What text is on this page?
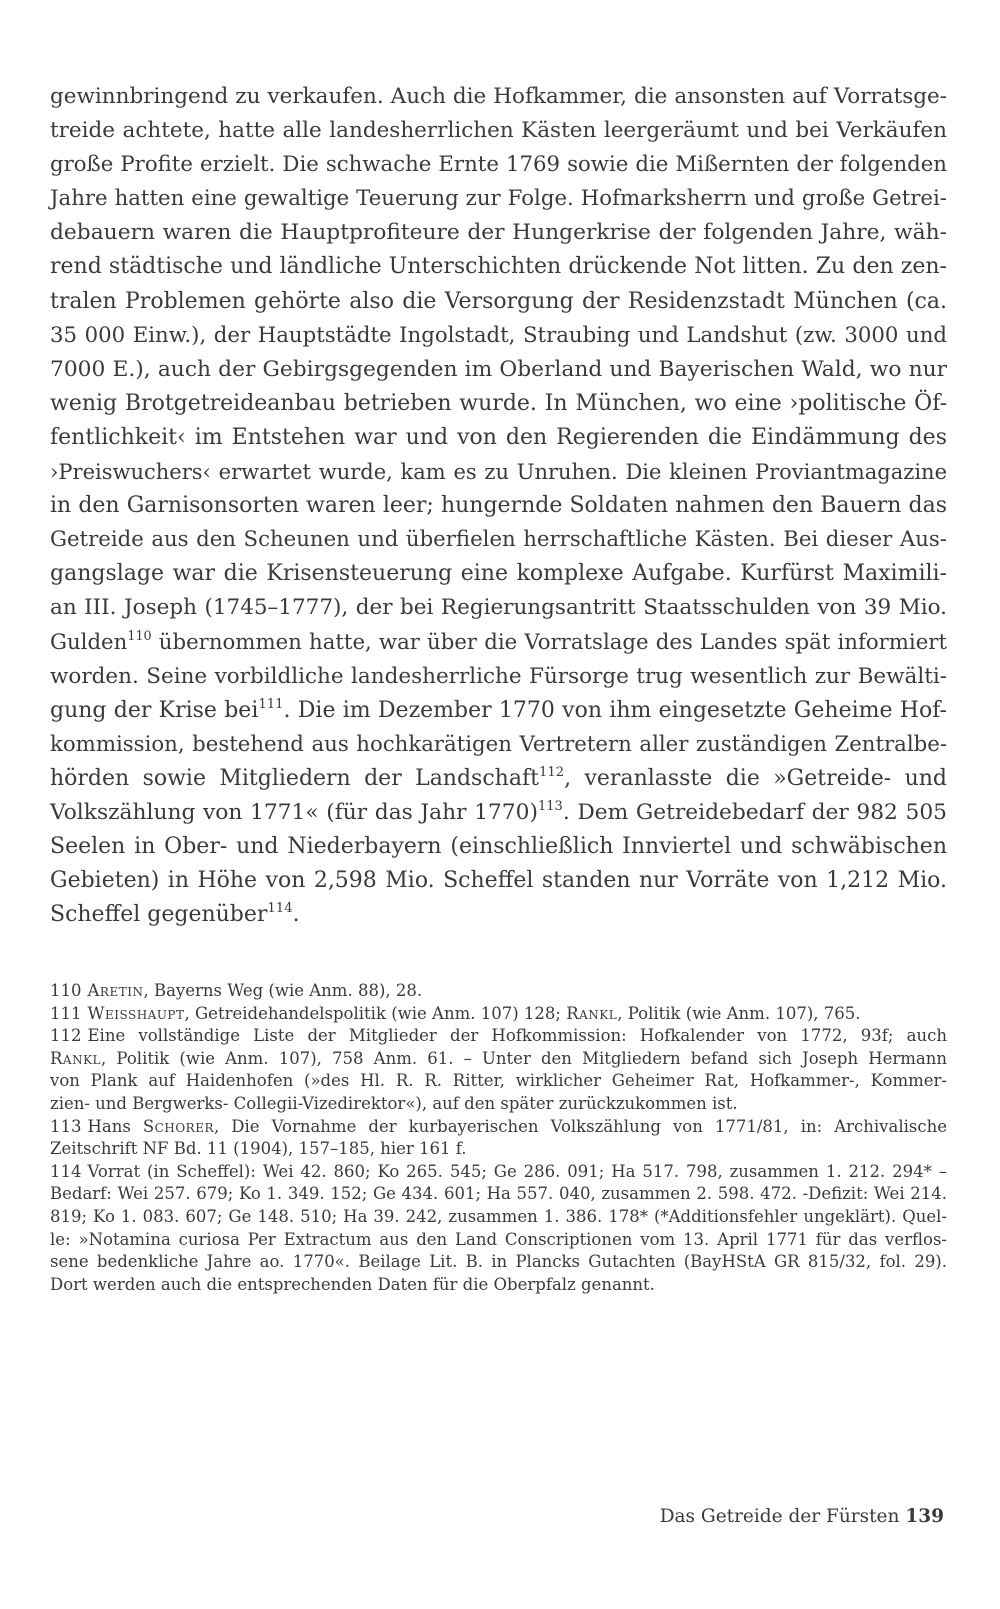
gewinnbringend zu verkaufen. Auch die Hofkammer, die ansonsten auf Vorratsge-
treide achtete, hatte alle landesherrlichen Kästen leergeräumt und bei Verkäufen
große Profite erzielt. Die schwache Ernte 1769 sowie die Mißernten der folgenden
Jahre hatten eine gewaltige Teuerung zur Folge. Hofmarksherrn und große Getrei-
debauern waren die Hauptprofiteure der Hungerkrise der folgenden Jahre, wäh-
rend städtische und ländliche Unterschichten drückende Not litten. Zu den zen-
tralen Problemen gehörte also die Versorgung der Residenzstadt München (ca.
35 000 Einw.), der Hauptstädte Ingolstadt, Straubing und Landshut (zw. 3000 und
7000 E.), auch der Gebirgsgegenden im Oberland und Bayerischen Wald, wo nur
wenig Brotgetreideanbau betrieben wurde. In München, wo eine ›politische Öf-
fentlichkeit‹ im Entstehen war und von den Regierenden die Eindämmung des
›Preiswuchers‹ erwartet wurde, kam es zu Unruhen. Die kleinen Proviantmagazine
in den Garnisonsorten waren leer; hungernde Soldaten nahmen den Bauern das
Getreide aus den Scheunen und überfielen herrschaftliche Kästen. Bei dieser Aus-
gangslage war die Krisensteuerung eine komplexe Aufgabe. Kurfürst Maximili-
an III. Joseph (1745–1777), der bei Regierungsantritt Staatsschulden von 39 Mio.
Gulden$^{110}$ übernommen hatte, war über die Vorratslage des Landes spät informiert
worden. Seine vorbildliche landesherrliche Fürsorge trug wesentlich zur Bewälti-
gung der Krise bei$^{111}$. Die im Dezember 1770 von ihm eingesetzte Geheime Hof-
kommission, bestehend aus hochkarätigen Vertretern aller zuständigen Zentralbe-
hörden sowie Mitgliedern der Landschaft$^{112}$, veranlasste die »Getreide- und
Volkszählung von 1771« (für das Jahr 1770)$^{113}$. Dem Getreidebedarf der 982 505
Seelen in Ober- und Niederbayern (einschließlich Innviertel und schwäbischen
Gebieten) in Höhe von 2,598 Mio. Scheffel standen nur Vorräte von 1,212 Mio.
Scheffel gegenüber$^{114}$.
110 Aretin, Bayerns Weg (wie Anm. 88), 28.
111 Weisshaupt, Getreidehandelspolitik (wie Anm. 107) 128; Rankl, Politik (wie Anm. 107), 765.
112 Eine vollständige Liste der Mitglieder der Hofkommission: Hofkalender von 1772, 93f; auch
Rankl, Politik (wie Anm. 107), 758 Anm. 61. – Unter den Mitgliedern befand sich Joseph Hermann
von Plank auf Haidenhofen (»des Hl. R. R. Ritter, wirklicher Geheimer Rat, Hofkammer-, Kommer-
zien- und Bergwerks- Collegii-Vizedirektor«), auf den später zurückzukommen ist.
113 Hans Schorer, Die Vornahme der kurbayerischen Volkszählung von 1771/81, in: Archivalische
Zeitschrift NF Bd. 11 (1904), 157–185, hier 161 f.
114 Vorrat (in Scheffel): Wei 42. 860; Ko 265. 545; Ge 286. 091; Ha 517. 798, zusammen 1. 212. 294* –
Bedarf: Wei 257. 679; Ko 1. 349. 152; Ge 434. 601; Ha 557. 040, zusammen 2. 598. 472. -Defizit: Wei 214.
819; Ko 1. 083. 607; Ge 148. 510; Ha 39. 242, zusammen 1. 386. 178* (*Additionsfehler ungeklärt). Quel-
le: »Notamina curiosa Per Extractum aus den Land Conscriptionen vom 13. April 1771 für das verflos-
sene bedenkliche Jahre ao. 1770«. Beilage Lit. B. in Plancks Gutachten (BayHStA GR 815/32, fol. 29).
Dort werden auch die entsprechenden Daten für die Oberpfalz genannt.
Das Getreide der Fürsten 139
